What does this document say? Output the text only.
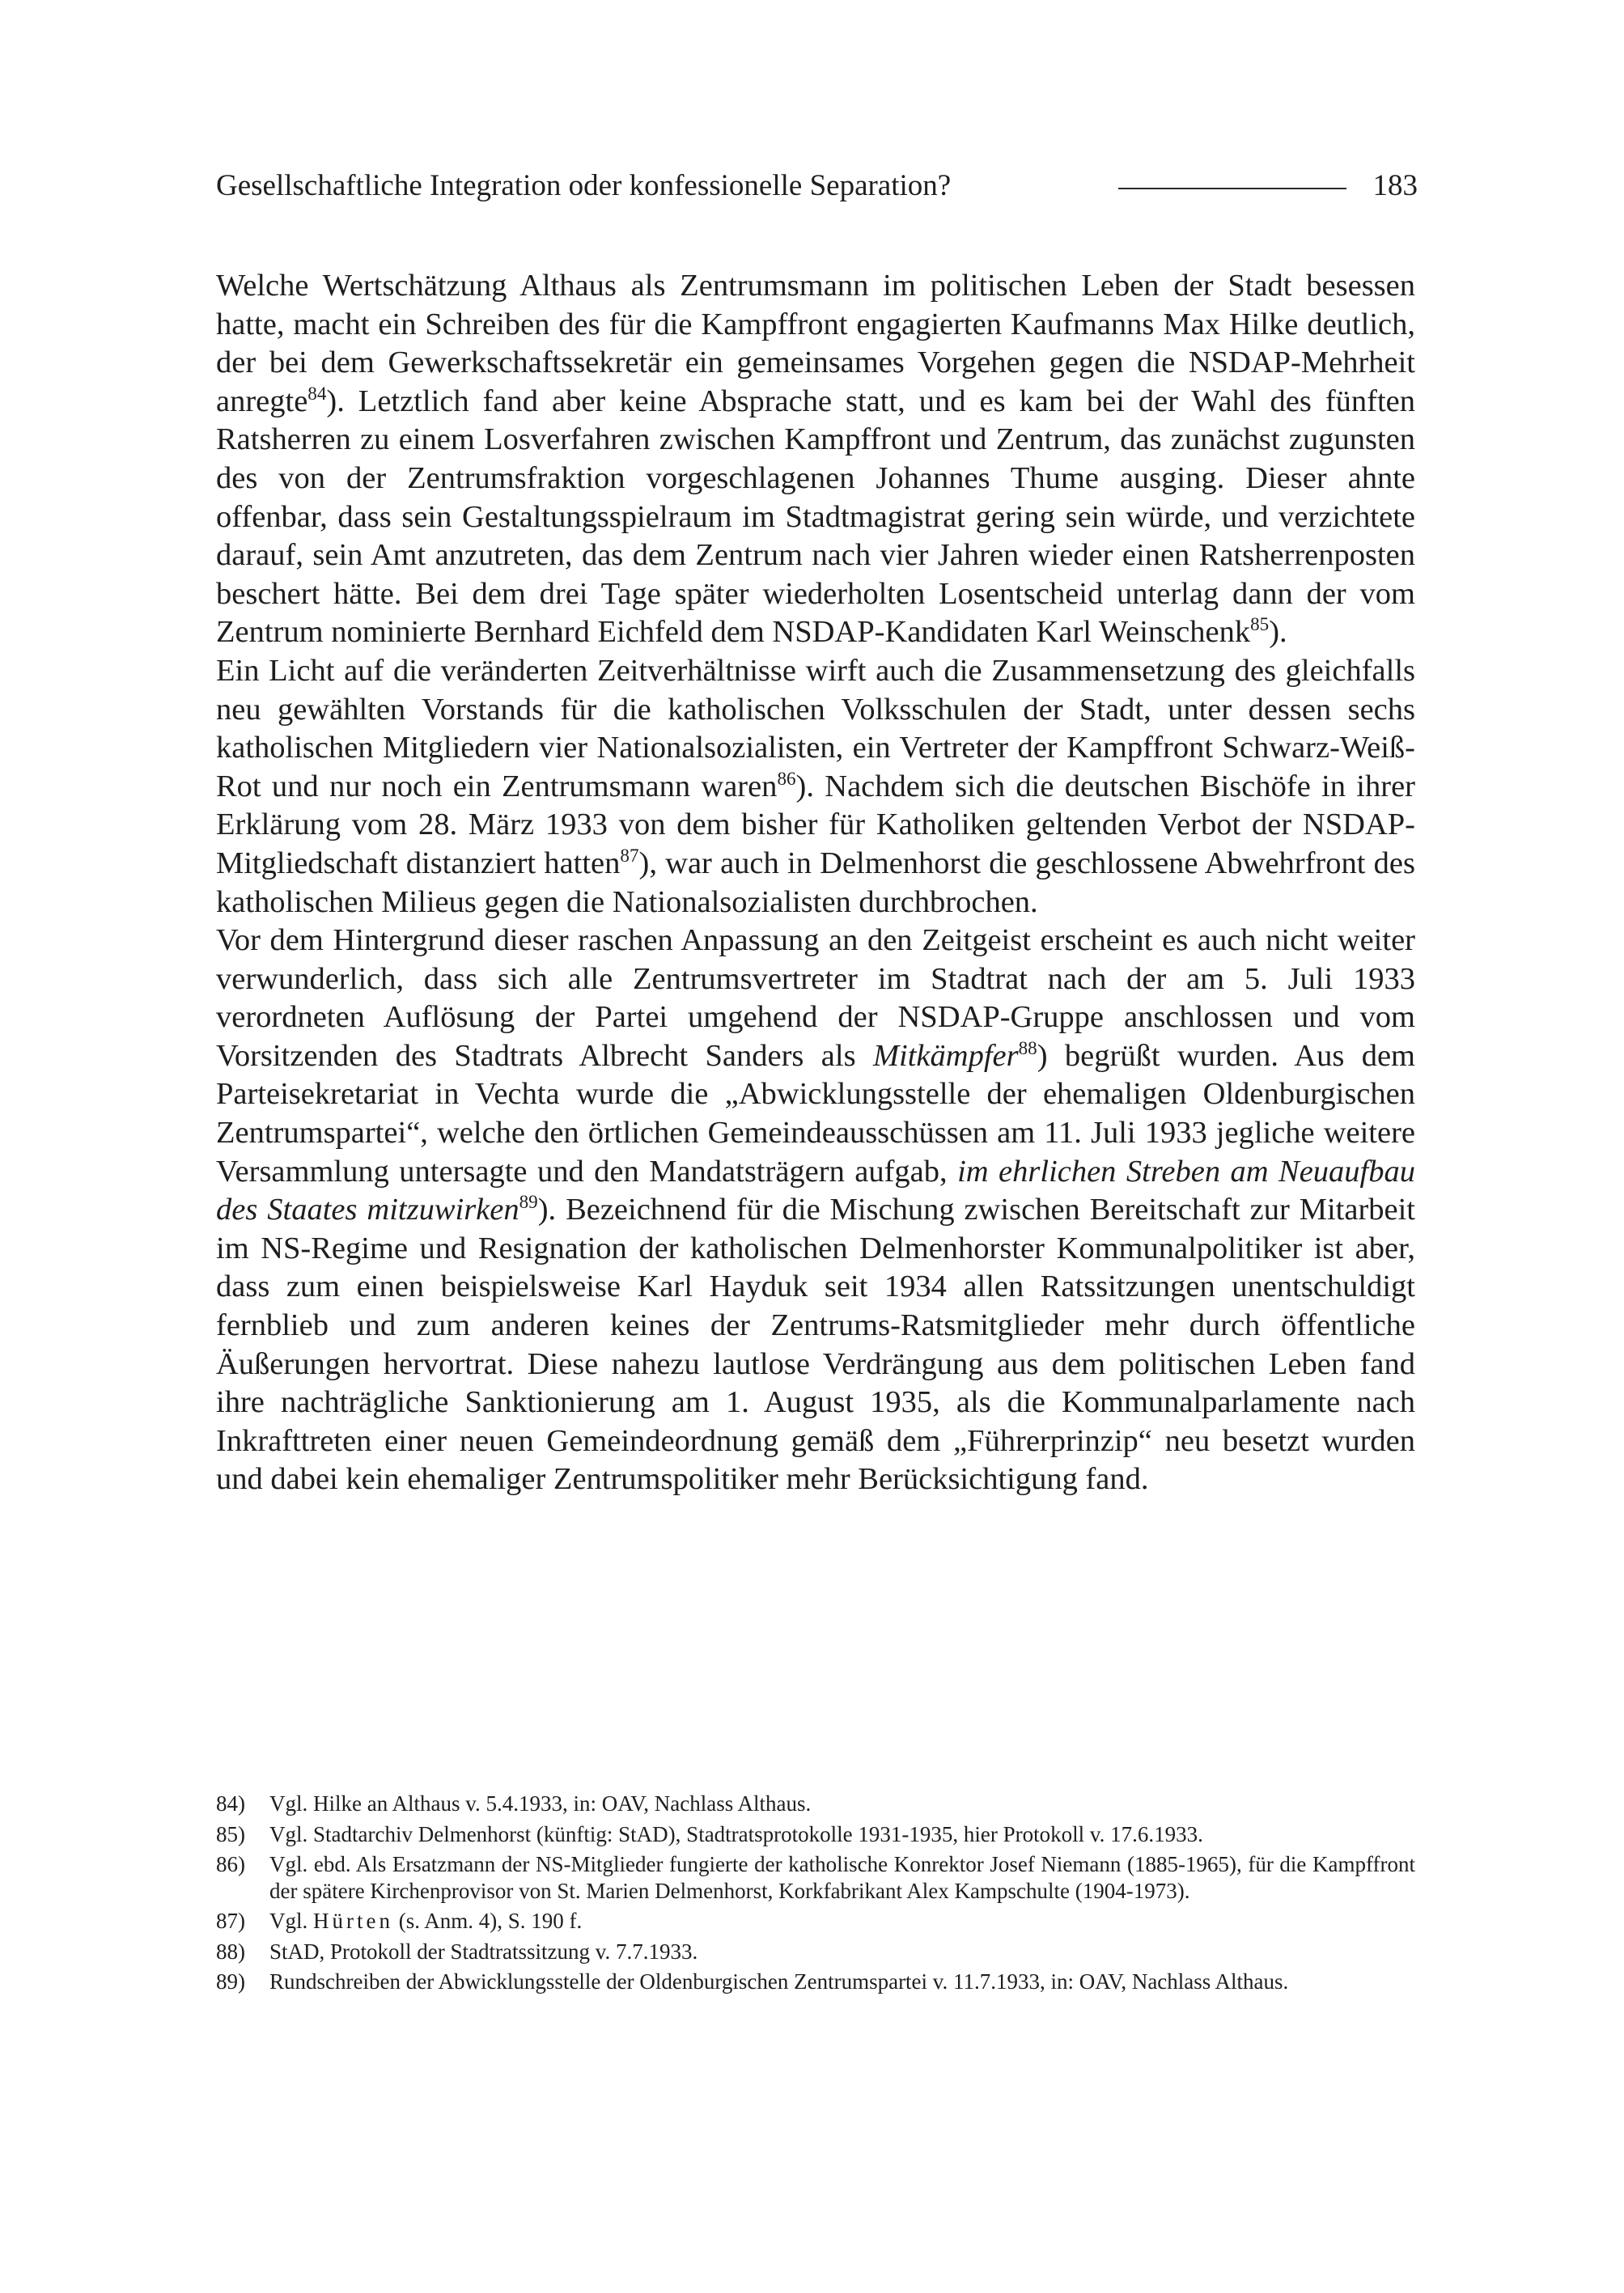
Gesellschaftliche Integration oder konfessionelle Separation?	183

Welche Wertschätzung Althaus als Zentrumsmann im politischen Leben der Stadt besessen hatte, macht ein Schreiben des für die Kampffront engagierten Kaufmanns Max Hilke deutlich, der bei dem Gewerkschaftssekretär ein gemeinsames Vorgehen gegen die NSDAP-Mehrheit anregte$^{84}$). Letztlich fand aber keine Absprache statt, und es kam bei der Wahl des fünften Ratsherren zu einem Losverfahren zwischen Kampffront und Zentrum, das zunächst zugunsten des von der Zentrumsfraktion vorgeschlagenen Johannes Thume ausging. Dieser ahnte offenbar, dass sein Gestaltungsspielraum im Stadtmagistrat gering sein würde, und verzichtete darauf, sein Amt anzutreten, das dem Zentrum nach vier Jahren wieder einen Ratsherrenposten beschert hätte. Bei dem drei Tage später wiederholten Losentscheid unterlag dann der vom Zentrum nominierte Bernhard Eichfeld dem NSDAP-Kandidaten Karl Weinschenk$^{85}$).

Ein Licht auf die veränderten Zeitverhältnisse wirft auch die Zusammensetzung des gleichfalls neu gewählten Vorstands für die katholischen Volksschulen der Stadt, unter dessen sechs katholischen Mitgliedern vier Nationalsozialisten, ein Vertreter der Kampffront Schwarz-Weiß-Rot und nur noch ein Zentrumsmann waren$^{86}$). Nachdem sich die deutschen Bischöfe in ihrer Erklärung vom 28. März 1933 von dem bisher für Katholiken geltenden Verbot der NSDAP-Mitgliedschaft distanziert hatten$^{87}$), war auch in Delmenhorst die geschlossene Abwehrfront des katholischen Milieus gegen die Nationalsozialisten durchbrochen.

Vor dem Hintergrund dieser raschen Anpassung an den Zeitgeist erscheint es auch nicht weiter verwunderlich, dass sich alle Zentrumsvertreter im Stadtrat nach der am 5. Juli 1933 verordneten Auflösung der Partei umgehend der NSDAP-Gruppe anschlossen und vom Vorsitzenden des Stadtrats Albrecht Sanders als Mitkämpfer$^{88}$) begrüßt wurden. Aus dem Parteisekretariat in Vechta wurde die „Abwicklungsstelle der ehemaligen Oldenburgischen Zentrumspartei“, welche den örtlichen Gemeindeausschüssen am 11. Juli 1933 jegliche weitere Versammlung untersagte und den Mandatsträgern aufgab, im ehrlichen Streben am Neuaufbau des Staates mitzuwirken$^{89}$). Bezeichnend für die Mischung zwischen Bereitschaft zur Mitarbeit im NS-Regime und Resignation der katholischen Delmenhorster Kommunalpolitiker ist aber, dass zum einen beispielsweise Karl Hayduk seit 1934 allen Ratssitzungen unentschuldigt fernblieb und zum anderen keines der Zentrums-Ratsmitglieder mehr durch öffentliche Äußerungen hervortrat. Diese nahezu lautlose Verdrängung aus dem politischen Leben fand ihre nachträgliche Sanktionierung am 1. August 1935, als die Kommunalparlamente nach Inkrafttreten einer neuen Gemeindeordnung gemäß dem „Führerprinzip“ neu besetzt wurden und dabei kein ehemaliger Zentrumspolitiker mehr Berücksichtigung fand.

84)	Vgl. Hilke an Althaus v. 5.4.1933, in: OAV, Nachlass Althaus.
85)	Vgl. Stadtarchiv Delmenhorst (künftig: StAD), Stadtratsprotokolle 1931-1935, hier Protokoll v. 17.6.1933.
86)	Vgl. ebd. Als Ersatzmann der NS-Mitglieder fungierte der katholische Konrektor Josef Niemann (1885-1965), für die Kampffront der spätere Kirchenprovisor von St. Marien Delmenhorst, Korkfabrikant Alex Kampschulte (1904-1973).
87)	Vgl. Hürten (s. Anm. 4), S. 190 f.
88)	StAD, Protokoll der Stadtratssitzung v. 7.7.1933.
89)	Rundschreiben der Abwicklungsstelle der Oldenburgischen Zentrumspartei v. 11.7.1933, in: OAV, Nachlass Althaus.
